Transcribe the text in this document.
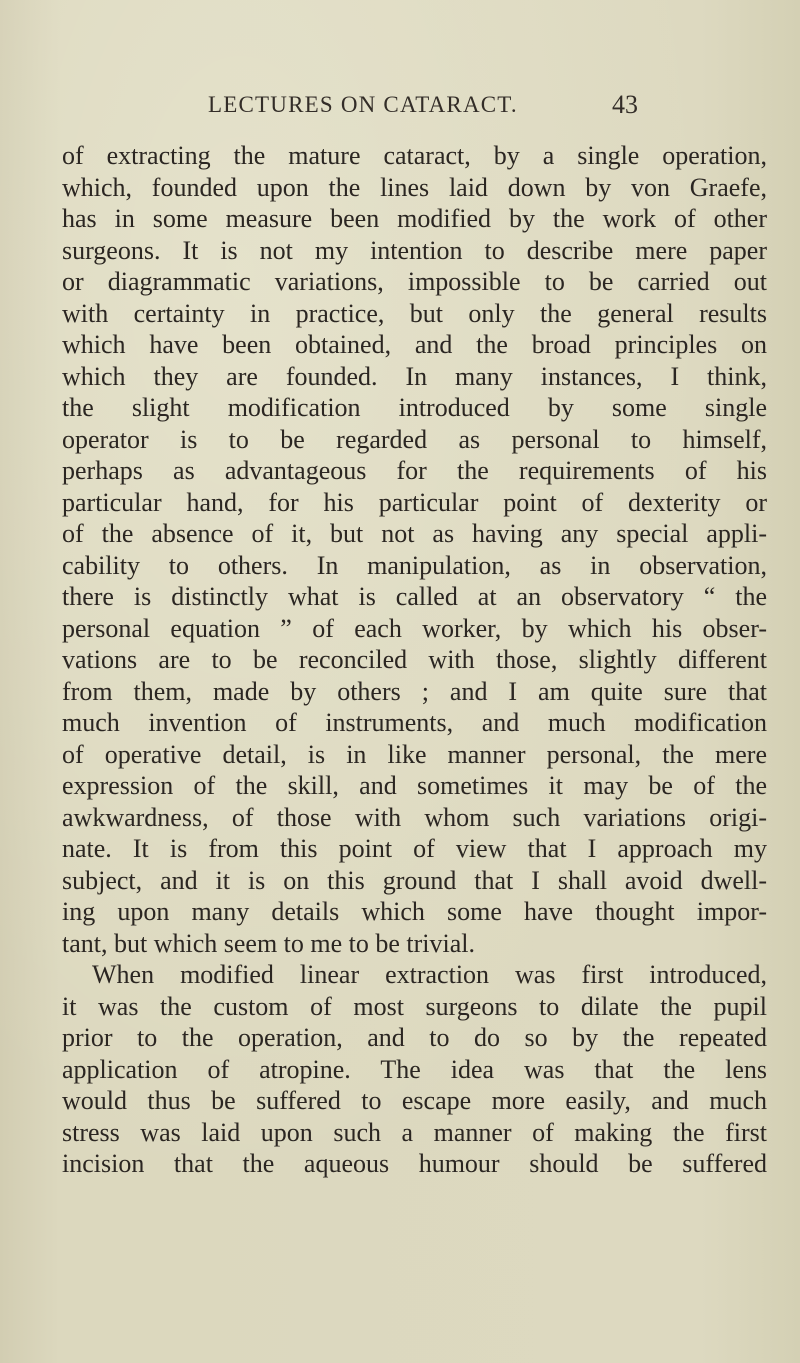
LECTURES ON CATARACT.	43
of extracting the mature cataract, by a single operation,
which, founded upon the lines laid down by von Graefe,
has in some measure been modified by the work of other
surgeons. It is not my intention to describe mere paper
or diagrammatic variations, impossible to be carried out
with certainty in practice, but only the general results
which have been obtained, and the broad principles on
which they are founded. In many instances, I think,
the slight modification introduced by some single
operator is to be regarded as personal to himself,
perhaps as advantageous for the requirements of his
particular hand, for his particular point of dexterity or
of the absence of it, but not as having any special appli-
cability to others. In manipulation, as in observation,
there is distinctly what is called at an observatory “ the
personal equation ” of each worker, by which his obser-
vations are to be reconciled with those, slightly different
from them, made by others ; and I am quite sure that
much invention of instruments, and much modification
of operative detail, is in like manner personal, the mere
expression of the skill, and sometimes it may be of the
awkwardness, of those with whom such variations origi-
nate. It is from this point of view that I approach my
subject, and it is on this ground that I shall avoid dwell-
ing upon many details which some have thought impor-
tant, but which seem to me to be trivial.
When modified linear extraction was first introduced,
it was the custom of most surgeons to dilate the pupil
prior to the operation, and to do so by the repeated
application of atropine. The idea was that the lens
would thus be suffered to escape more easily, and much
stress was laid upon such a manner of making the first
incision that the aqueous humour should be suffered
